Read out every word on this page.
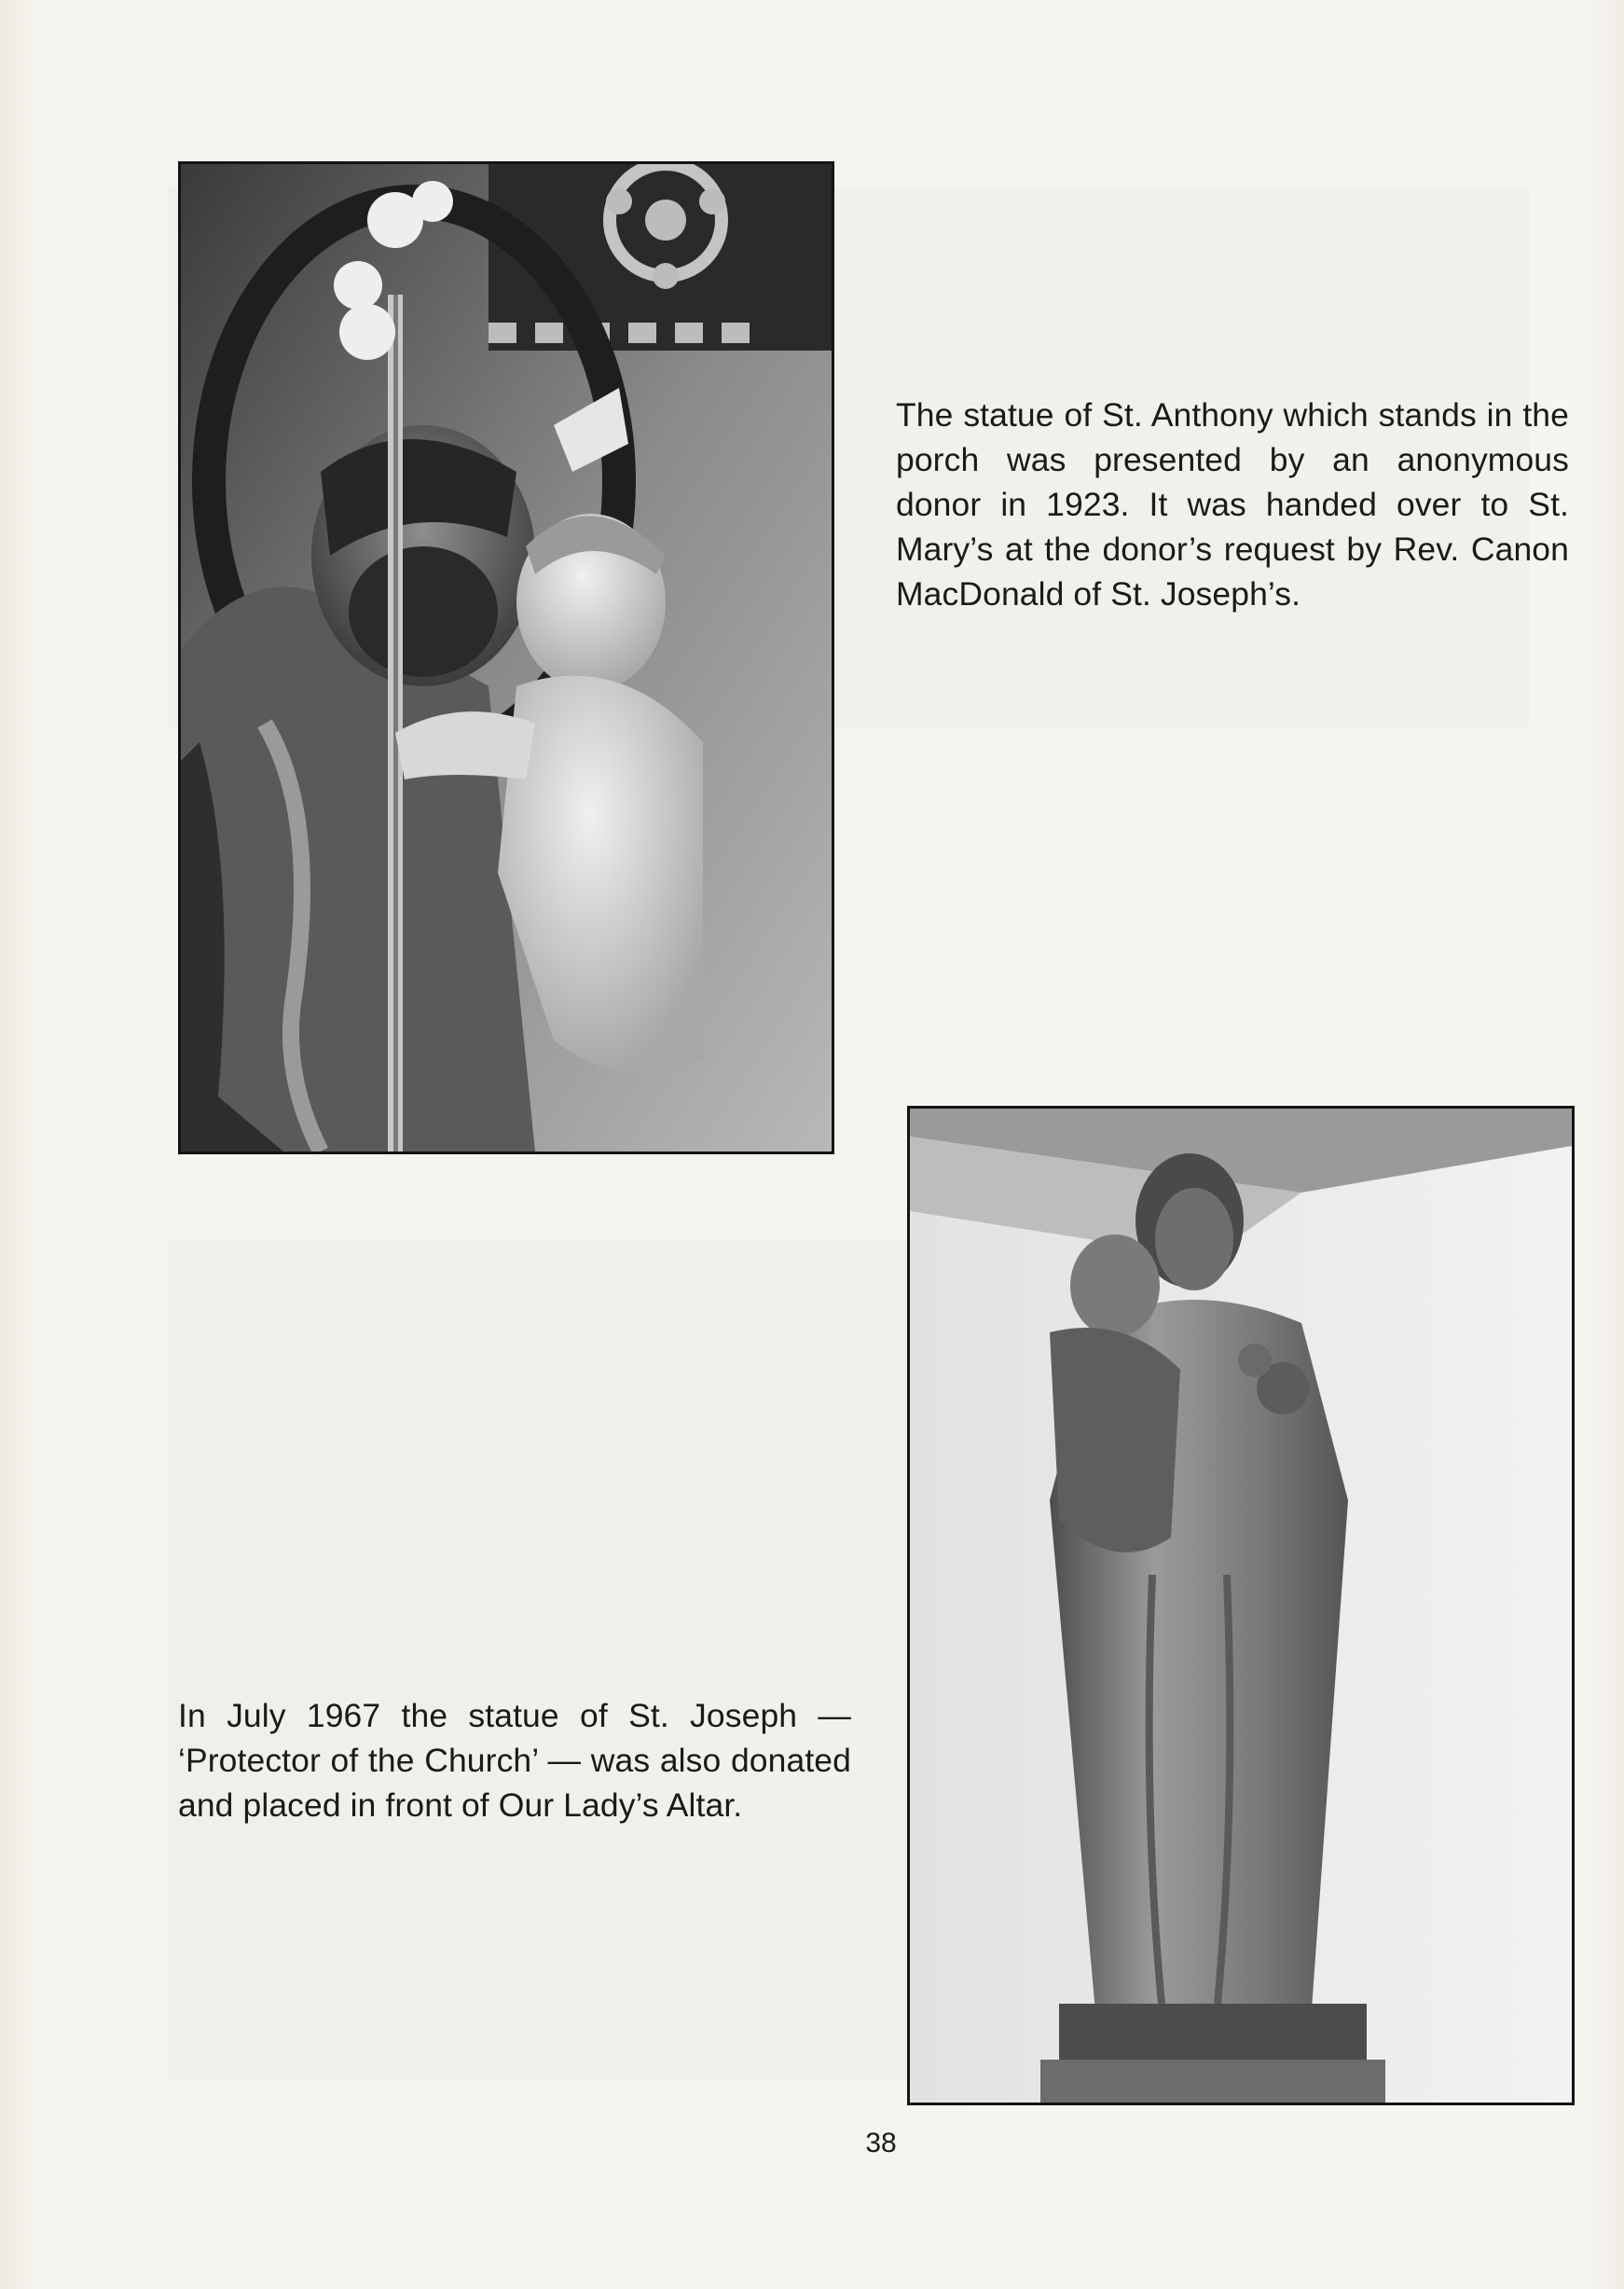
The statue of St. Anthony which stands in the porch was presented by an anonymous donor in 1923. It was handed over to St. Mary’s at the donor’s request by Rev. Canon MacDonald of St. Joseph’s.
In July 1967 the statue of St. Joseph — ‘Protector of the Church’ — was also donated and placed in front of Our Lady’s Altar.
38
